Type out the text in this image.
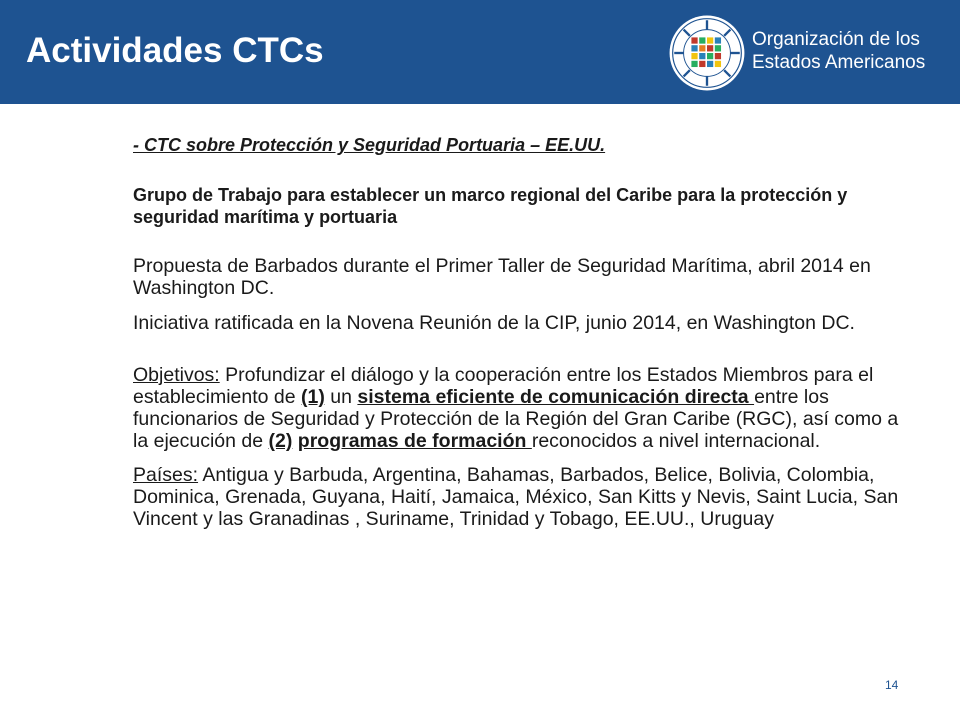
Actividades CTCs	Organización de los
Estados Americanos

- CTC sobre Protección y Seguridad Portuaria – EE.UU.

Grupo de Trabajo para establecer un marco regional del Caribe para la protección y seguridad marítima y portuaria

Propuesta de Barbados durante el Primer Taller de Seguridad Marítima, abril 2014 en Washington DC.

Iniciativa ratificada en la Novena Reunión de la CIP, junio 2014, en Washington DC.

Objetivos: Profundizar el diálogo y la cooperación entre los Estados Miembros para el establecimiento de (1) un sistema eficiente de comunicación directa entre los funcionarios de Seguridad y Protección de la Región del Gran Caribe (RGC), así como a la ejecución de (2) programas de formación reconocidos a nivel internacional.

Países: Antigua y Barbuda, Argentina, Bahamas, Barbados, Belice, Bolivia, Colombia, Dominica, Grenada, Guyana, Haití, Jamaica, México, San Kitts y Nevis, Saint Lucia, San Vincent y las Granadinas , Suriname, Trinidad y Tobago, EE.UU., Uruguay

14
